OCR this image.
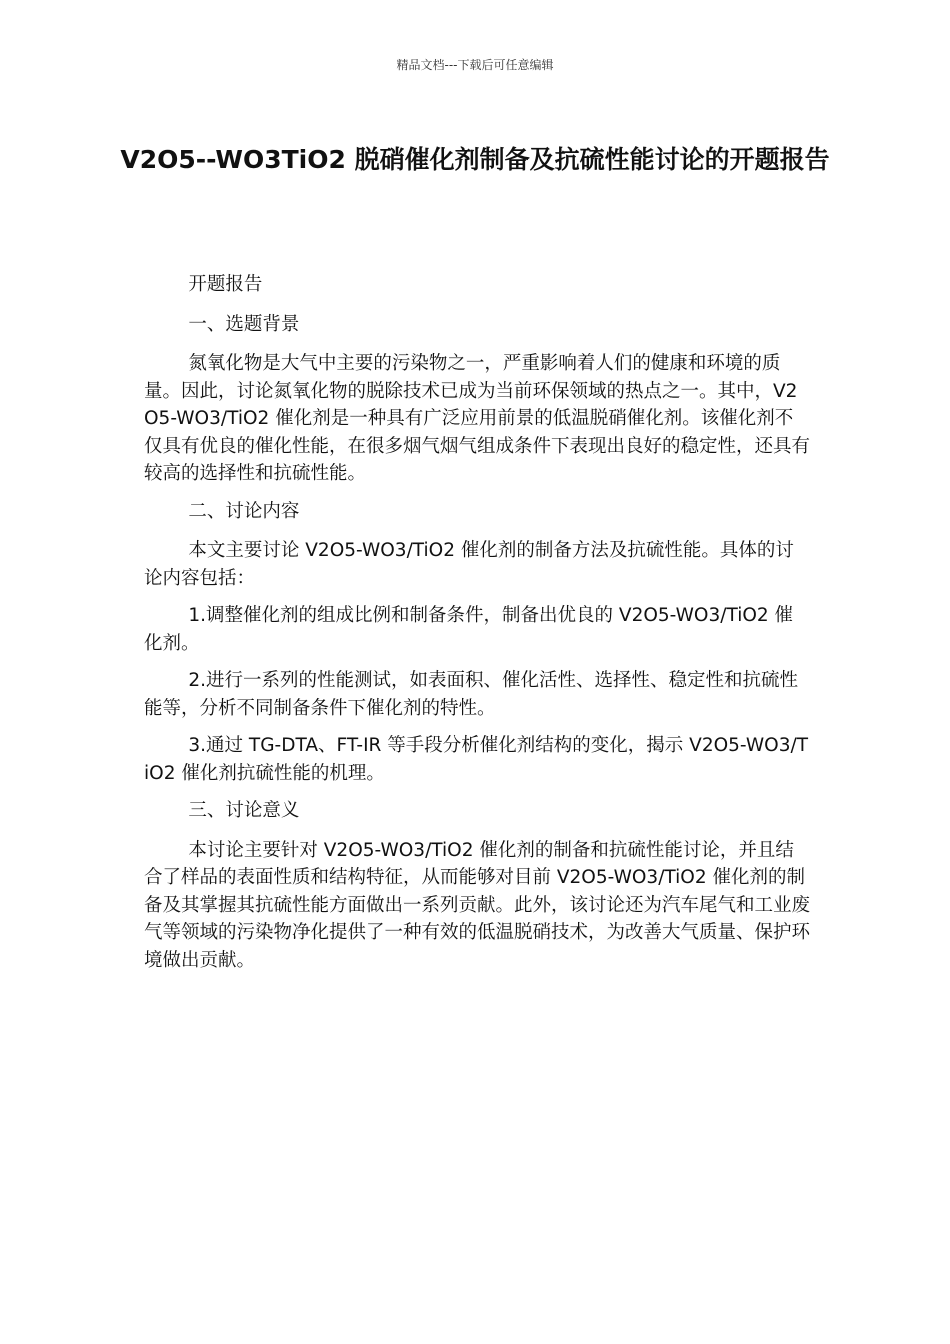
精品文档---下载后可任意编辑
V2O5--WO3TiO2 脱硝催化剂制备及抗硫性能讨论的开题报告

开题报告

一、选题背景

氮氧化物是大气中主要的污染物之一，严重影响着人们的健康和环境的质量。因此，讨论氮氧化物的脱除技术已成为当前环保领域的热点之一。其中，V2O5-WO3/TiO2 催化剂是一种具有广泛应用前景的低温脱硝催化剂。该催化剂不仅具有优良的催化性能，在很多烟气烟气组成条件下表现出良好的稳定性，还具有较高的选择性和抗硫性能。

二、讨论内容

本文主要讨论 V2O5-WO3/TiO2 催化剂的制备方法及抗硫性能。具体的讨论内容包括：

1.调整催化剂的组成比例和制备条件，制备出优良的 V2O5-WO3/TiO2 催化剂。

2.进行一系列的性能测试，如表面积、催化活性、选择性、稳定性和抗硫性能等，分析不同制备条件下催化剂的特性。

3.通过 TG-DTA、FT-IR 等手段分析催化剂结构的变化，揭示 V2O5-WO3/TiO2 催化剂抗硫性能的机理。

三、讨论意义

本讨论主要针对 V2O5-WO3/TiO2 催化剂的制备和抗硫性能讨论，并且结合了样品的表面性质和结构特征，从而能够对目前 V2O5-WO3/TiO2 催化剂的制备及其掌握其抗硫性能方面做出一系列贡献。此外，该讨论还为汽车尾气和工业废气等领域的污染物净化提供了一种有效的低温脱硝技术，为改善大气质量、保护环境做出贡献。
